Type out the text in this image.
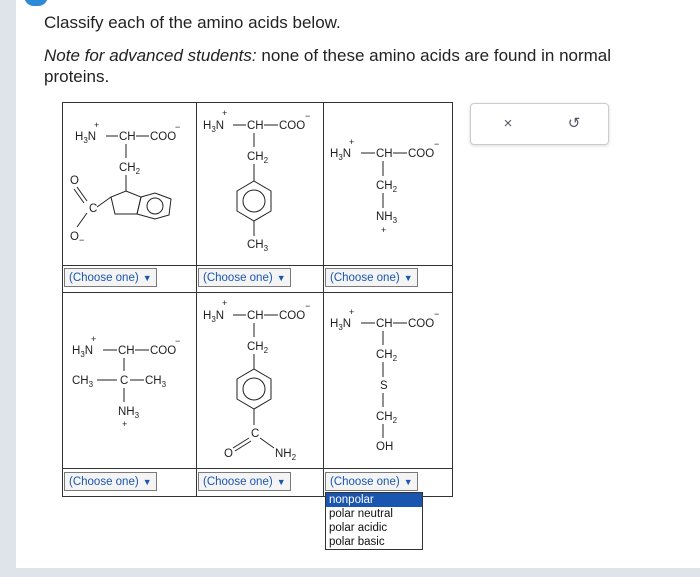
Classify each of the amino acids below.
Note for advanced students: none of these amino acids are found in normal proteins.
$H_3N$
+
CH COO
−
$CH_2$
C
O
O −
$H_3N$
+
CH COO
−
$CH_2$
$CH_3$
$H_3N$
+
CH COO
−
$CH_2$
$NH_3$
+
$H_3N$
+
CH COO
−
$CH_3$ C $CH_3$
$NH_3$
+
$H_3N$
+
CH COO
−
$CH_2$
C
O	$NH_2$
$H_3N$
+
CH COO
−
$CH_2$
S
$CH_2$
OH
(Choose one) ▼	(Choose one) ▼	(Choose one) ▼
(Choose one) ▼	(Choose one) ▼	(Choose one) ▼
nonpolar
polar neutral
polar acidic
polar basic
×	↺
